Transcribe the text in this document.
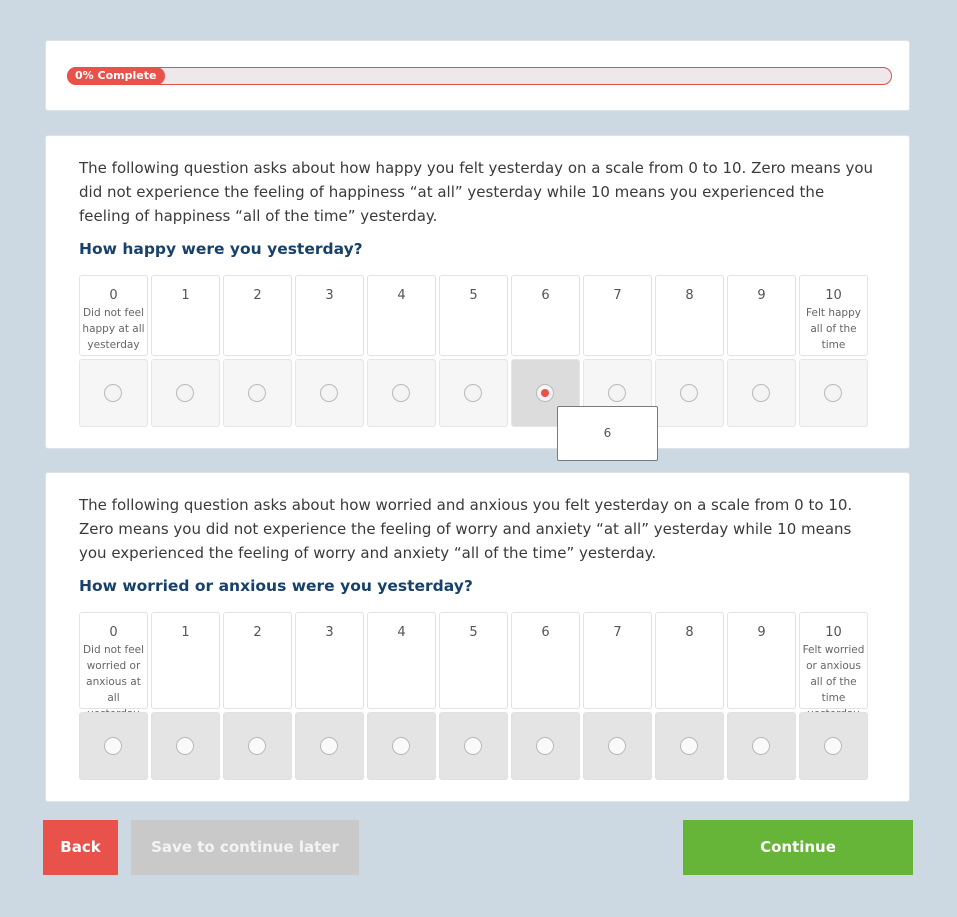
0% Complete

The following question asks about how happy you felt yesterday on a scale from 0 to 10. Zero means you did not experience the feeling of happiness “at all” yesterday while 10 means you experienced the feeling of happiness “all of the time” yesterday.

How happy were you yesterday?

0
Did not feel happy at all yesterday
1	2	3	4	5	6	7	8	9	10
Felt happy all of the time

The following question asks about how worried and anxious you felt yesterday on a scale from 0 to 10. Zero means you did not experience the feeling of worry and anxiety “at all” yesterday while 10 means you experienced the feeling of worry and anxiety “all of the time” yesterday.

How worried or anxious were you yesterday?

0
Did not feel worried or anxious at all
1	2	3	4	5	6	7	8	9	10
Felt worried or anxious all of the time
6
Back	Save to continue later	Continue
